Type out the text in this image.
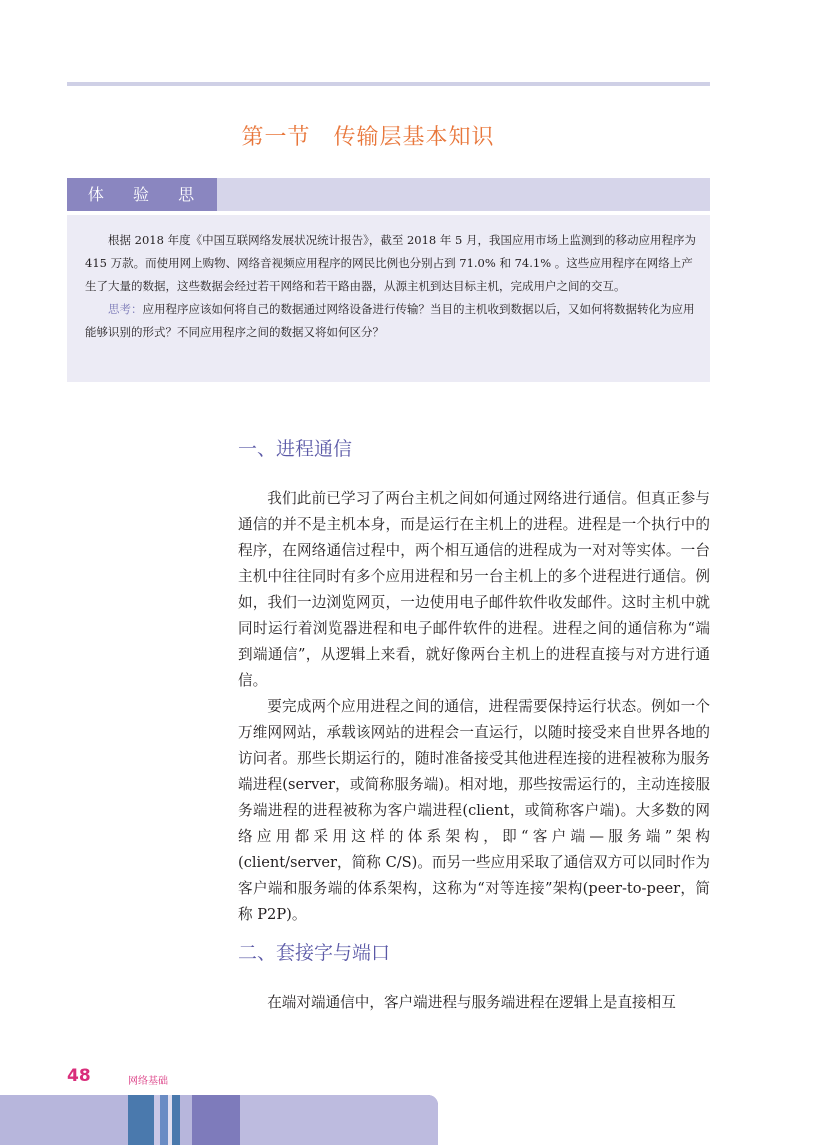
第一节　传输层基本知识
体 验 思

根据 2018 年度《中国互联网络发展状况统计报告》，截至 2018 年 5 月，我国应用市场上监测到的移动应用程序为 415 万款。而使用网上购物、网络音视频应用程序的网民比例也分别占到 71.0% 和 74.1% 。这些应用程序在网络上产生了大量的数据，这些数据会经过若干网络和若干路由器，从源主机到达目标主机，完成用户之间的交互。

思考：应用程序应该如何将自己的数据通过网络设备进行传输？当目的主机收到数据以后，又如何将数据转化为应用能够识别的形式？不同应用程序之间的数据又将如何区分？

一、进程通信

我们此前已学习了两台主机之间如何通过网络进行通信。但真正参与通信的并不是主机本身，而是运行在主机上的进程。进程是一个执行中的程序，在网络通信过程中，两个相互通信的进程成为一对对等实体。一台主机中往往同时有多个应用进程和另一台主机上的多个进程进行通信。例如，我们一边浏览网页，一边使用电子邮件软件收发邮件。这时主机中就同时运行着浏览器进程和电子邮件软件的进程。进程之间的通信称为“端到端通信”，从逻辑上来看，就好像两台主机上的进程直接与对方进行通信。

要完成两个应用进程之间的通信，进程需要保持运行状态。例如一个万维网网站，承载该网站的进程会一直运行，以随时接受来自世界各地的访问者。那些长期运行的，随时准备接受其他进程连接的进程被称为服务端进程(server，或简称服务端)。相对地，那些按需运行的，主动连接服务端进程的进程被称为客户端进程(client，或简称客户端)。大多数的网络应用都采用这样的体系架构，即“客户端—服务端”架构(client/server，简称 C/S)。而另一些应用采取了通信双方可以同时作为客户端和服务端的体系架构，这称为“对等连接”架构(peer-to-peer，简称 P2P)。

二、套接字与端口

在端对端通信中，客户端进程与服务端进程在逻辑上是直接相互

48	网络基础
